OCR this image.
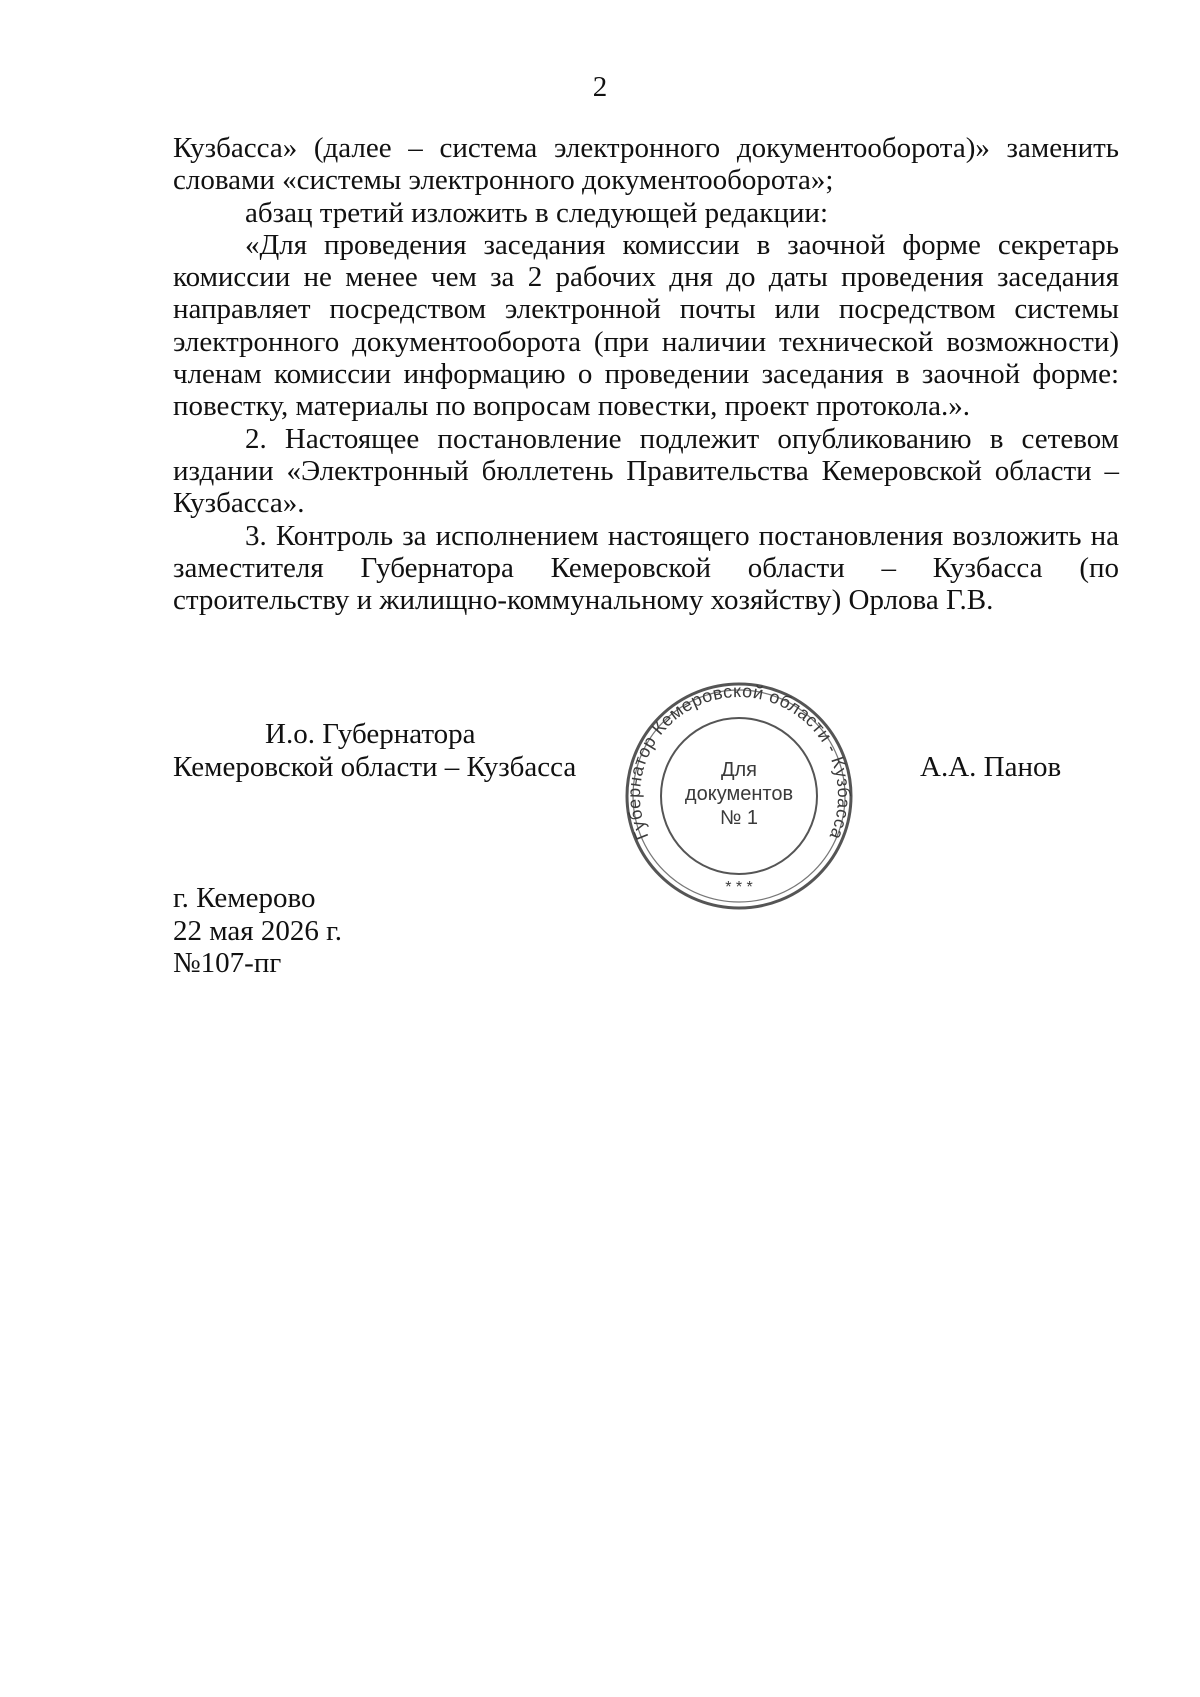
2

Кузбасса» (далее – система электронного документооборота)» заменить словами «системы электронного документооборота»;

абзац третий изложить в следующей редакции:

«Для проведения заседания комиссии в заочной форме секретарь комиссии не менее чем за 2 рабочих дня до даты проведения заседания направляет посредством электронной почты или посредством системы электронного документооборота (при наличии технической возможности) членам комиссии информацию о проведении заседания в заочной форме: повестку, материалы по вопросам повестки, проект протокола.».

2. Настоящее постановление подлежит опубликованию в сетевом издании «Электронный бюллетень Правительства Кемеровской области – Кузбасса».

3. Контроль за исполнением настоящего постановления возложить на заместителя Губернатора Кемеровской области – Кузбасса (по строительству и жилищно-коммунальному хозяйству) Орлова Г.В.

И.о. Губернатора
Кемеровской области – Кузбасса
Губернатор Кемеровской области - Кузбасса
Для
документов
№ 1
* * *
А.А. Панов
г. Кемерово
22 мая 2026 г.
№107-пг
